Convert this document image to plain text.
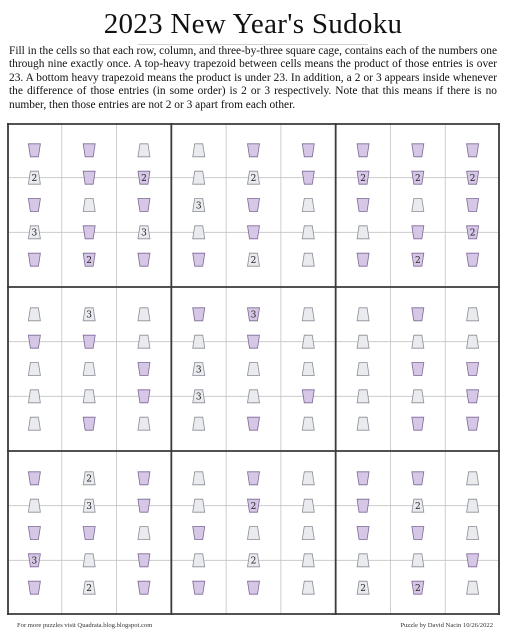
2023 New Year's Sudoku
Fill in the cells so that each row, column, and three-by-three square cage, contains each of the numbers one through nine exactly once. A top-heavy trapezoid between cells means the product of those entries is over 23. A bottom heavy trapezoid means the product is under 23. In addition, a 2 or 3 appears inside whenever the difference of those entries (in some order) is 2 or 3 respectively. Note that this means if there is no number, then those entries are not 2 or 3 apart from each other.
3
2	2	2
3	3
3
2
2	2	2
2	2	2	2	2	2
3	3	2
3
3	2	2
3	2
For more puzzles visit Quadrata.blog.blogspot.com	Puzzle by David Nacin 10/26/2022
